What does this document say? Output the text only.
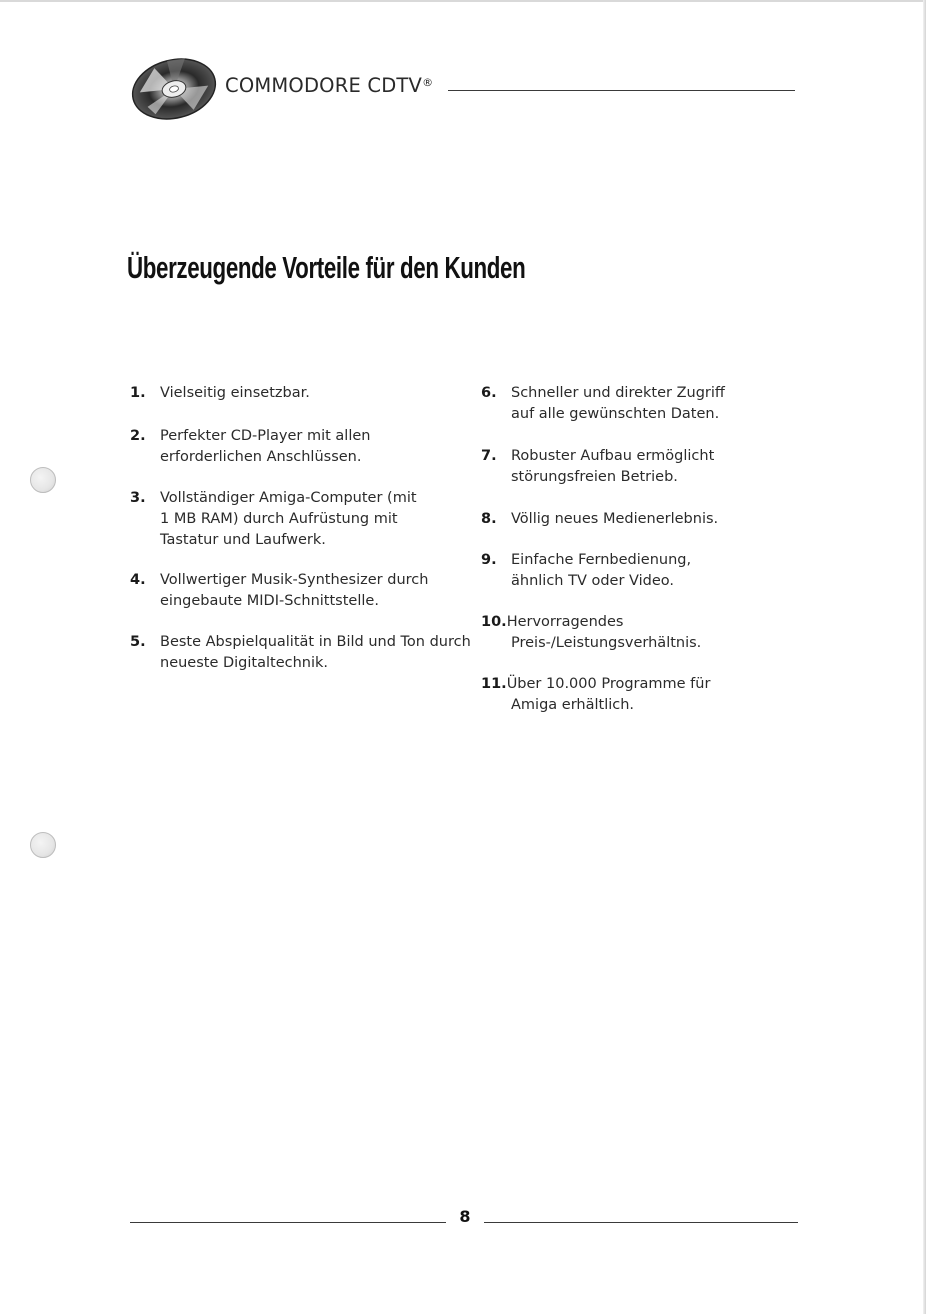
COMMODORE CDTV®
Überzeugende Vorteile für den Kunden
1. Vielseitig einsetzbar.
2. Perfekter CD-Player mit allen erforderlichen Anschlüssen.
3. Vollständiger Amiga-Computer (mit 1 MB RAM) durch Aufrüstung mit Tastatur und Laufwerk.
4. Vollwertiger Musik-Synthesizer durch eingebaute MIDI-Schnittstelle.
5. Beste Abspielqualität in Bild und Ton durch neueste Digitaltechnik.
6. Schneller und direkter Zugriff auf alle gewünschten Daten.
7. Robuster Aufbau ermöglicht störungsfreien Betrieb.
8. Völlig neues Medienerlebnis.
9. Einfache Fernbedienung, ähnlich TV oder Video.
10.Hervorragendes
Preis-/Leistungsverhältnis.
11.Über 10.000 Programme für
Amiga erhältlich.
8
